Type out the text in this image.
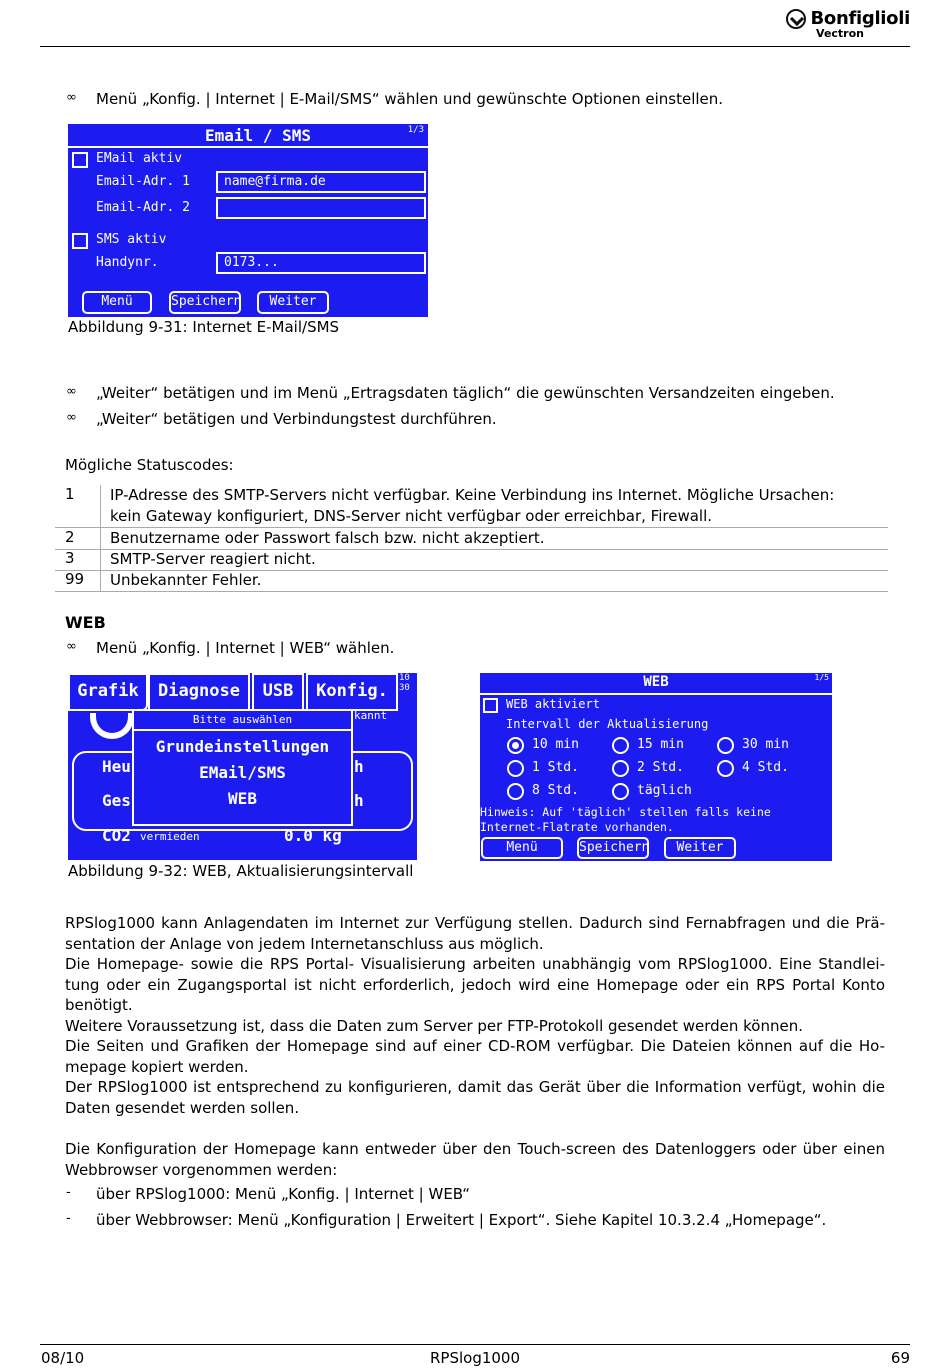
Bonfiglioli
Vectron
∞	Menü „Konfig. | Internet | E-Mail/SMS“ wählen und gewünschte Optionen einstellen.
Email / SMS	1/3
EMail aktiv
Email-Adr. 1	name@firma.de
Email-Adr. 2
SMS aktiv
Handynr.	0173...
Menü	Speichern	Weiter
Abbildung 9-31: Internet E-Mail/SMS
∞	„Weiter“ betätigen und im Menü „Ertragsdaten täglich“ die gewünschten Versandzeiten eingeben.
∞	„Weiter“ betätigen und Verbindungstest durchführen.
Mögliche Statuscodes:
1	IP-Adresse des SMTP-Servers nicht verfügbar. Keine Verbindung ins Internet. Mögliche Ursachen:
kein Gateway konfiguriert, DNS-Server nicht verfügbar oder erreichbar, Firewall.
2	Benutzername oder Passwort falsch bzw. nicht akzeptiert.
3	SMTP-Server reagiert nicht.
99	Unbekannter Fehler.
WEB
∞	Menü „Konfig. | Internet | WEB“ wählen.
Grafik	Diagnose	USB	Konfig.
10
30
kannt
Heu	h
Ges	h
CO2 vermieden	0.0 kg
Bitte auswählen
Grundeinstellungen
EMail/SMS
WEB
WEB	1/5
WEB aktiviert
Intervall der Aktualisierung
10 min	15 min	30 min
1 Std.	2 Std.	4 Std.
8 Std.	täglich
Hinweis: Auf 'täglich' stellen falls keine
Internet-Flatrate vorhanden.
Menü	Speichern	Weiter
Abbildung 9-32: WEB, Aktualisierungsintervall
RPSlog1000 kann Anlagendaten im Internet zur Verfügung stellen. Dadurch sind Fernabfragen und die Prä-sentation der Anlage von jedem Internetanschluss aus möglich.
Die Homepage- sowie die RPS Portal- Visualisierung arbeiten unabhängig vom RPSlog1000. Eine Standlei-tung oder ein Zugangsportal ist nicht erforderlich, jedoch wird eine Homepage oder ein RPS Portal Konto benötigt.
Weitere Voraussetzung ist, dass die Daten zum Server per FTP-Protokoll gesendet werden können.
Die Seiten und Grafiken der Homepage sind auf einer CD-ROM verfügbar. Die Dateien können auf die Ho-mepage kopiert werden.
Der RPSlog1000 ist entsprechend zu konfigurieren, damit das Gerät über die Information verfügt, wohin die Daten gesendet werden sollen.
Die Konfiguration der Homepage kann entweder über den Touch-screen des Datenloggers oder über einen Webbrowser vorgenommen werden:
-	über RPSlog1000: Menü „Konfig. | Internet | WEB“
-	über Webbrowser: Menü „Konfiguration | Erweitert | Export“. Siehe Kapitel 10.3.2.4 „Homepage“.
08/10	RPSlog1000	69
